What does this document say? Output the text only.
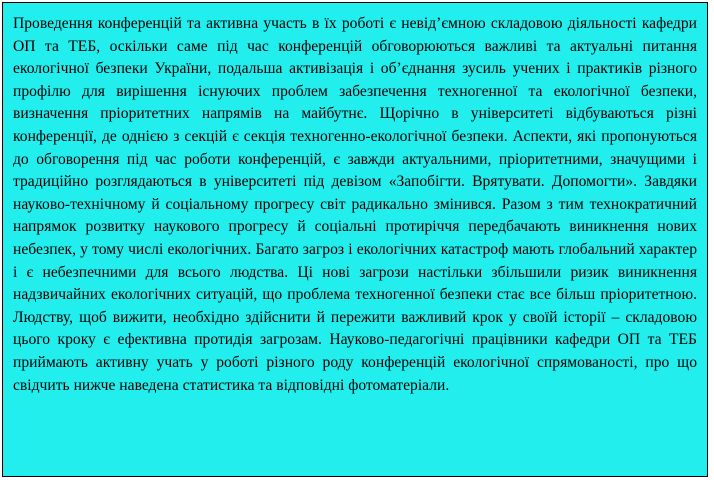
Проведення конференцій та активна участь в їх роботі є невід’ємною складовою діяльності кафедри ОП та ТЕБ, оскільки саме під час конференцій обговорюються важливі та актуальні питання екологічної безпеки України, подальша активізація і об’єднання зусиль учених і практиків різного профілю для вирішення існуючих проблем забезпечення техногенної та екологічної безпеки, визначення пріоритетних напрямів на майбутнє. Щорічно в університеті відбуваються різні конференції, де однією з секцій є секція техногенно-екологічної безпеки. Аспекти, які пропонуються до обговорення під час роботи конференцій, є завжди актуальними, пріоритетними, значущими і традиційно розглядаються в університеті під девізом «Запобігти. Врятувати. Допомогти». Завдяки науково-технічному й соціальному прогресу світ радикально змінився. Разом з тим технократичний напрямок розвитку наукового прогресу й соціальні протиріччя передбачають виникнення нових небезпек, у тому числі екологічних. Багато загроз і екологічних катастроф мають глобальний характер і є небезпечними для всього людства. Ці нові загрози настільки збільшили ризик виникнення надзвичайних екологічних ситуацій, що проблема техногенної безпеки стає все більш пріоритетною. Людству, щоб вижити, необхідно здійснити й пережити важливий крок у своїй історії – складовою цього кроку є ефективна протидія загрозам. Науково-педагогічні працівники кафедри ОП та ТЕБ приймають активну учать у роботі різного роду конференцій екологічної спрямованості, про що свідчить нижче наведена статистика та відповідні фотоматеріали.
